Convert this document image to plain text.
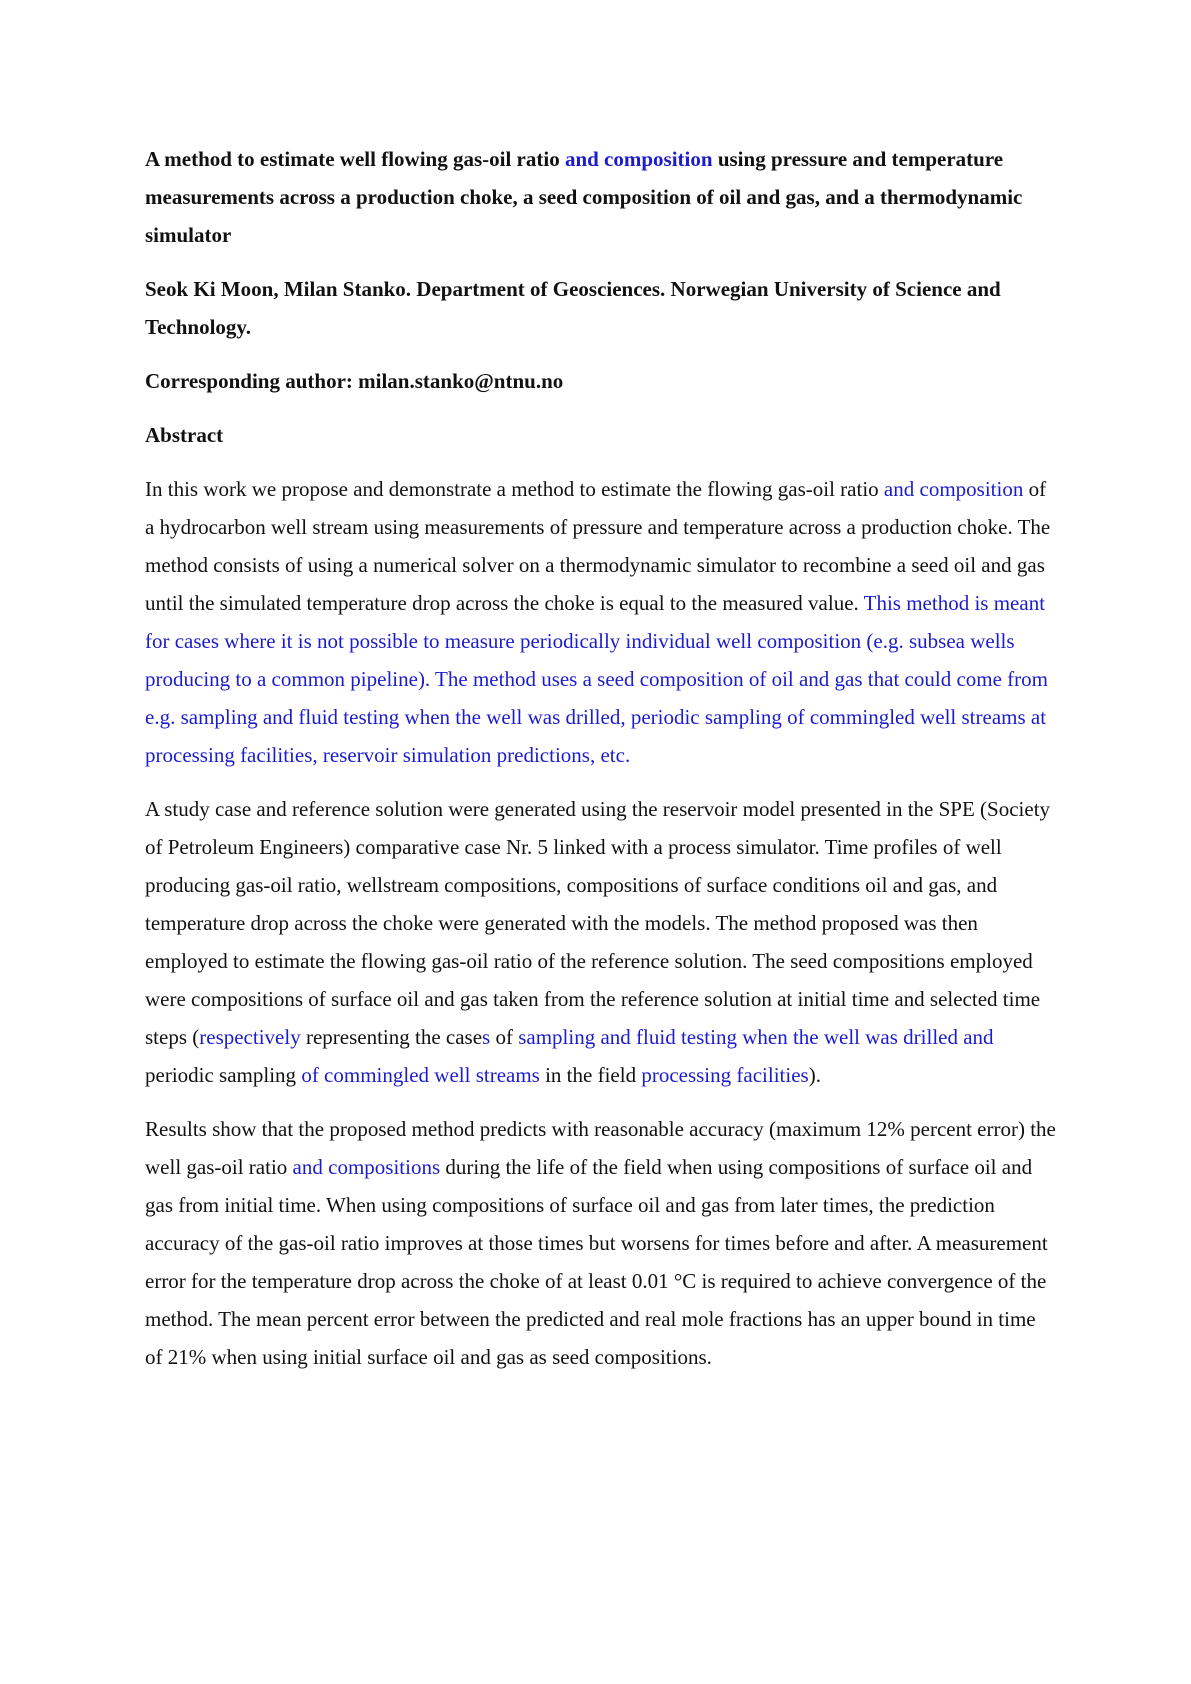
A method to estimate well flowing gas-oil ratio and composition using pressure and temperature measurements across a production choke, a seed composition of oil and gas, and a thermodynamic simulator

Seok Ki Moon, Milan Stanko. Department of Geosciences. Norwegian University of Science and Technology.

Corresponding author: milan.stanko@ntnu.no

Abstract

In this work we propose and demonstrate a method to estimate the flowing gas-oil ratio and composition of a hydrocarbon well stream using measurements of pressure and temperature across a production choke. The method consists of using a numerical solver on a thermodynamic simulator to recombine a seed oil and gas until the simulated temperature drop across the choke is equal to the measured value. This method is meant for cases where it is not possible to measure periodically individual well composition (e.g. subsea wells producing to a common pipeline). The method uses a seed composition of oil and gas that could come from e.g. sampling and fluid testing when the well was drilled, periodic sampling of commingled well streams at processing facilities, reservoir simulation predictions, etc.

A study case and reference solution were generated using the reservoir model presented in the SPE (Society of Petroleum Engineers) comparative case Nr. 5 linked with a process simulator. Time profiles of well producing gas-oil ratio, wellstream compositions, compositions of surface conditions oil and gas, and temperature drop across the choke were generated with the models. The method proposed was then employed to estimate the flowing gas-oil ratio of the reference solution. The seed compositions employed were compositions of surface oil and gas taken from the reference solution at initial time and selected time steps (respectively representing the cases of sampling and fluid testing when the well was drilled and periodic sampling of commingled well streams in the field processing facilities).

Results show that the proposed method predicts with reasonable accuracy (maximum 12% percent error) the well gas-oil ratio and compositions during the life of the field when using compositions of surface oil and gas from initial time. When using compositions of surface oil and gas from later times, the prediction accuracy of the gas-oil ratio improves at those times but worsens for times before and after. A measurement error for the temperature drop across the choke of at least 0.01 °C is required to achieve convergence of the method. The mean percent error between the predicted and real mole fractions has an upper bound in time of 21% when using initial surface oil and gas as seed compositions.
